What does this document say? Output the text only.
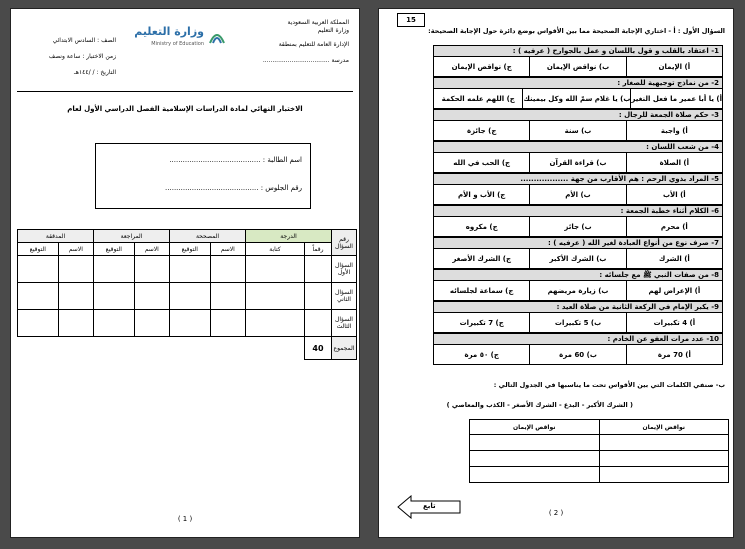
المملكة العربية السعودية
وزارة التعليم
الإدارة العامة للتعليم بمنطقة
مدرسة ...................................
وزارة التعليم
Ministry of Education
الصف : السادس الابتدائي
زمن الاختبار : ساعة ونصف
التاريخ : / /١٤٤هـ
الاختبار النهائي لمادة الدراسات الإسلامية الفصل الدراسي الأول لعام
اسم الطالبة : .........................................
رقم الجلوس : ..........................................
رقم السؤال	الدرجة		المصححة		المراجعة		المدققة	
	رقماً	كتابة	الاسم	التوقيع	الاسم	التوقيع	الاسم	التوقيع
السؤال الأول								
السؤال الثاني								
السؤال الثالث								
المجموع	40							
( 1 )
15
السؤال الأول : أ - اختاري الإجابة الصحيحة مما بين الأقواس بوضع دائرة حول الإجابة الصحيحة:
1- اعتقاد بالقلب و قول باللسان و عمل بالجوارح ( عرفيه ) :
أ) الإيمان
ب) نواقض الإيمان
ج) نواقص الإيمان
2- من نماذج توجيهية للصغار :
أ) يا أبا عمير ما فعل النغير
ب) يا غلام سمّ الله وكل بيمينك
ج) اللهم علمه الحكمة
3- حكم صلاة الجمعة للرجال :
أ) واجبة
ب) سنة
ج) جائزة
4- من شعب اللسان :
أ) الصلاة
ب) قراءة القرآن
ج) الحب في الله
5- المراد بذوي الرحم : هم الأقارب من جهة ..................
أ) الأب
ب) الأم
ج) الأب و الأم
6- الكلام أثناء خطبة الجمعة :
أ) محرم
ب) جائز
ج) مكروه
7- صرف نوع من أنواع العبادة لغير الله ( عرفيه ) :
أ) الشرك
ب) الشرك الأكبر
ج) الشرك الأصغر
8- من صفات النبي ﷺ مع جلسائه :
أ) الإعراض لهم
ب) زيارة مريضهم
ج) سماعة لجلسائه
9- يكبر الإمام في الركعة الثانية من صلاة العيد :
أ) 4 تكبيرات
ب) 5 تكبيرات
ج) 7 تكبيرات
10- عدد مرات العفو عن الخادم :
أ) 70 مرة
ب) 60 مرة
ج) ٥٠ مرة
ب- صنفي الكلمات التي بين الأقواس تحت ما يناسبها في الجدول التالي :
( الشرك الأكبر - البدع - الشرك الأصغر - الكذب والمعاصي )
نواقض الإيمان	نواقص الإيمان

تابع
( 2 )
